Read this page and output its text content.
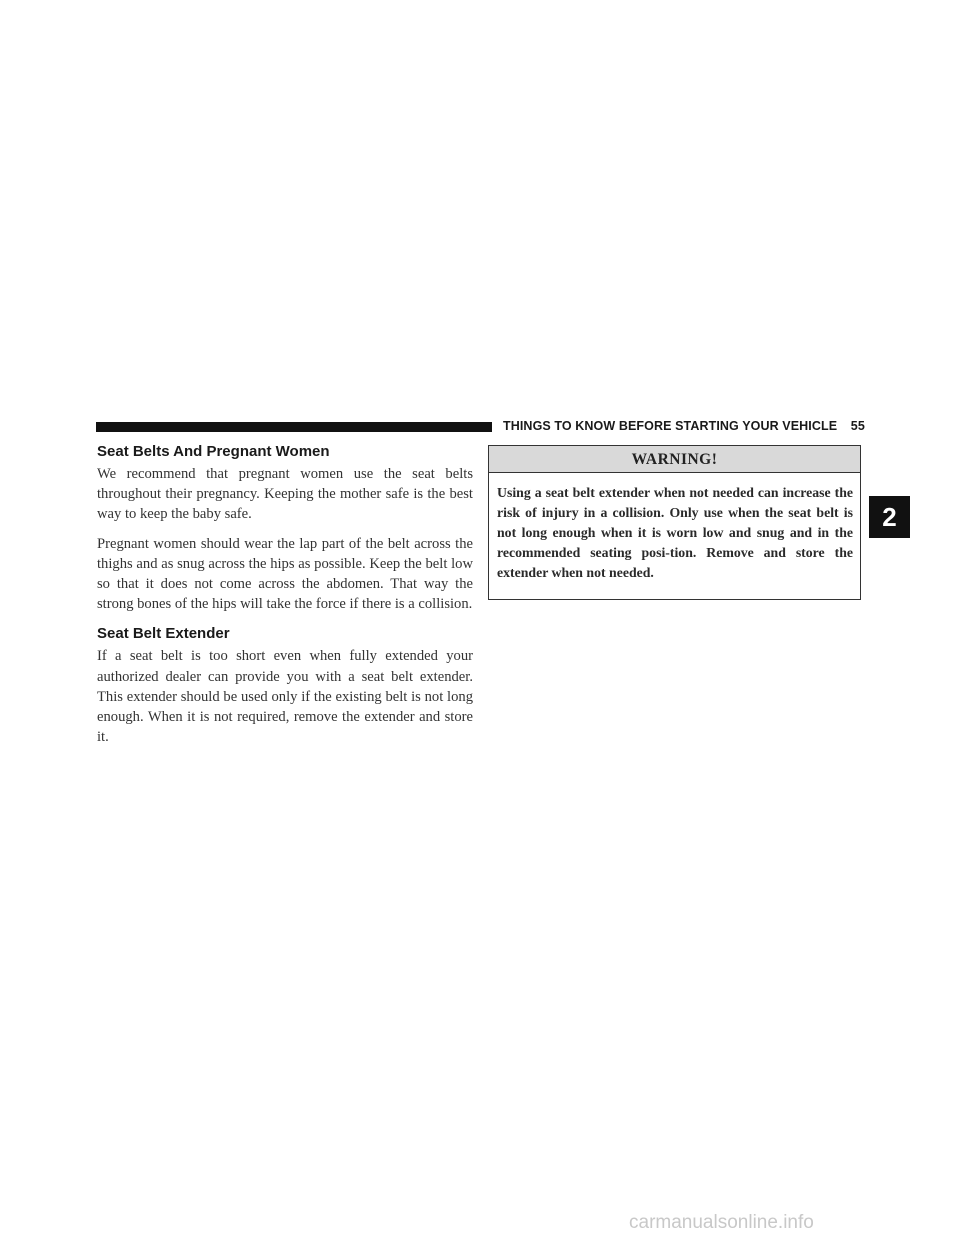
THINGS TO KNOW BEFORE STARTING YOUR VEHICLE 55
2
Seat Belts And Pregnant Women

We recommend that pregnant women use the seat belts throughout their pregnancy. Keeping the mother safe is the best way to keep the baby safe.

Pregnant women should wear the lap part of the belt across the thighs and as snug across the hips as possible. Keep the belt low so that it does not come across the abdomen. That way the strong bones of the hips will take the force if there is a collision.

Seat Belt Extender

If a seat belt is too short even when fully extended your authorized dealer can provide you with a seat belt extender. This extender should be used only if the existing belt is not long enough. When it is not required, remove the extender and store it.

WARNING!
Using a seat belt extender when not needed can increase the risk of injury in a collision. Only use when the seat belt is not long enough when it is worn low and snug and in the recommended seating posi-tion. Remove and store the extender when not needed.
carmanualsonline.info
